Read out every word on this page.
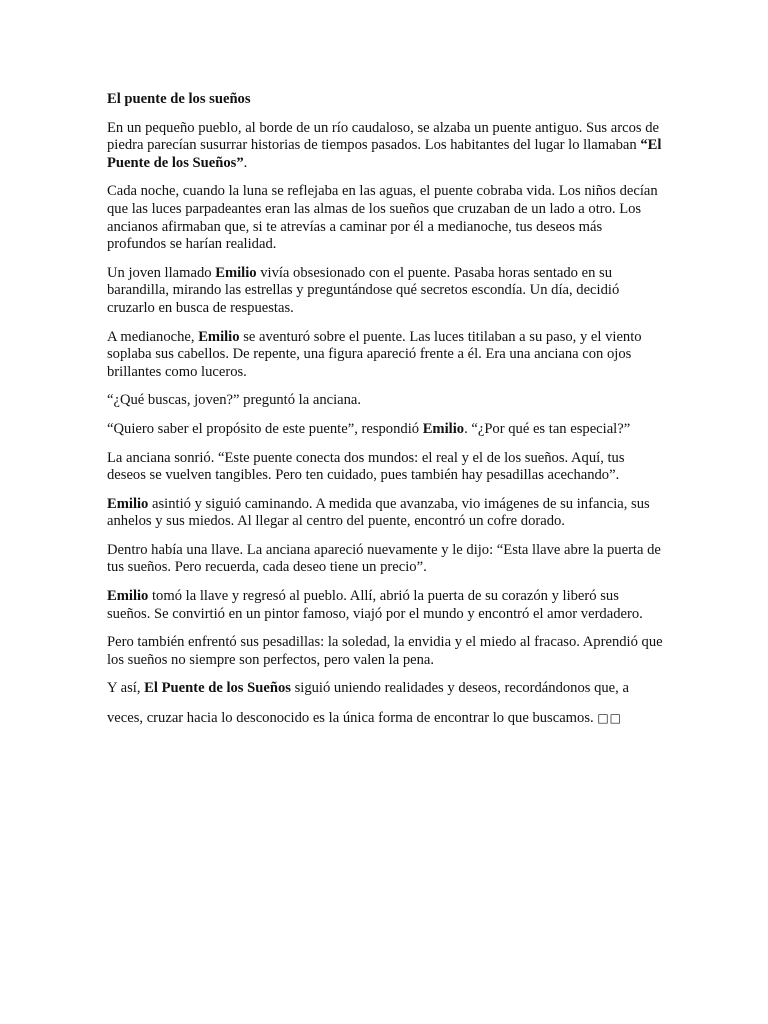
El puente de los sueños

En un pequeño pueblo, al borde de un río caudaloso, se alzaba un puente antiguo. Sus arcos de piedra parecían susurrar historias de tiempos pasados. Los habitantes del lugar lo llamaban “El Puente de los Sueños”.

Cada noche, cuando la luna se reflejaba en las aguas, el puente cobraba vida. Los niños decían que las luces parpadeantes eran las almas de los sueños que cruzaban de un lado a otro. Los ancianos afirmaban que, si te atrevías a caminar por él a medianoche, tus deseos más profundos se harían realidad.

Un joven llamado Emilio vivía obsesionado con el puente. Pasaba horas sentado en su barandilla, mirando las estrellas y preguntándose qué secretos escondía. Un día, decidió cruzarlo en busca de respuestas.

A medianoche, Emilio se aventuró sobre el puente. Las luces titilaban a su paso, y el viento soplaba sus cabellos. De repente, una figura apareció frente a él. Era una anciana con ojos brillantes como luceros.

“¿Qué buscas, joven?” preguntó la anciana.

“Quiero saber el propósito de este puente”, respondió Emilio. “¿Por qué es tan especial?”

La anciana sonrió. “Este puente conecta dos mundos: el real y el de los sueños. Aquí, tus deseos se vuelven tangibles. Pero ten cuidado, pues también hay pesadillas acechando”.

Emilio asintió y siguió caminando. A medida que avanzaba, vio imágenes de su infancia, sus anhelos y sus miedos. Al llegar al centro del puente, encontró un cofre dorado.

Dentro había una llave. La anciana apareció nuevamente y le dijo: “Esta llave abre la puerta de tus sueños. Pero recuerda, cada deseo tiene un precio”.

Emilio tomó la llave y regresó al pueblo. Allí, abrió la puerta de su corazón y liberó sus sueños. Se convirtió en un pintor famoso, viajó por el mundo y encontró el amor verdadero.

Pero también enfrentó sus pesadillas: la soledad, la envidia y el miedo al fracaso. Aprendió que los sueños no siempre son perfectos, pero valen la pena.

Y así, El Puente de los Sueños siguió uniendo realidades y deseos, recordándonos que, a

veces, cruzar hacia lo desconocido es la única forma de encontrar lo que buscamos. □□
